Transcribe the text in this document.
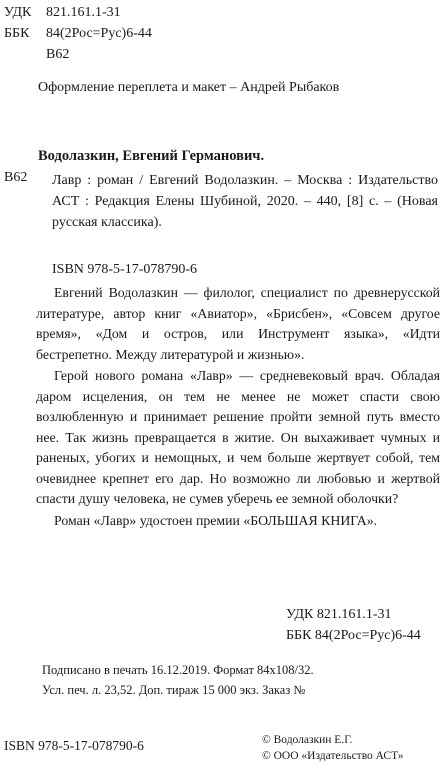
УДК	821.161.1-31
ББК	84(2Рос=Рус)6-44
В62
Оформление переплета и макет – Андрей Рыбаков
Водолазкин, Евгений Германович.
В62 Лавр : роман / Евгений Водолазкин. – Москва : Издательство АСТ : Редакция Елены Шубиной, 2020. – 440, [8] с. – (Новая русская классика).
ISBN 978-5-17-078790-6

Евгений Водолазкин — филолог, специалист по древнерусской литературе, автор книг «Авиатор», «Брисбен», «Совсем другое время», «Дом и остров, или Инструмент языка», «Идти бестрепетно. Между литературой и жизнью».

Герой нового романа «Лавр» — средневековый врач. Обладая даром исцеления, он тем не менее не может спасти свою возлюбленную и принимает решение пройти земной путь вместо нее. Так жизнь превращается в житие. Он выхаживает чумных и раненых, убогих и немощных, и чем больше жертвует собой, тем очевиднее крепнет его дар. Но возможно ли любовью и жертвой спасти душу человека, не сумев уберечь ее земной оболочки?

Роман «Лавр» удостоен премии «БОЛЬШАЯ КНИГА».

УДК 821.161.1-31
ББК 84(2Рос=Рус)6-44
Подписано в печать 16.12.2019. Формат 84x108/32.
Усл. печ. л. 23,52. Доп. тираж 15 000 экз. Заказ №
ISBN 978-5-17-078790-6	© Водолазкин Е.Г.
© ООО «Издательство АСТ»
